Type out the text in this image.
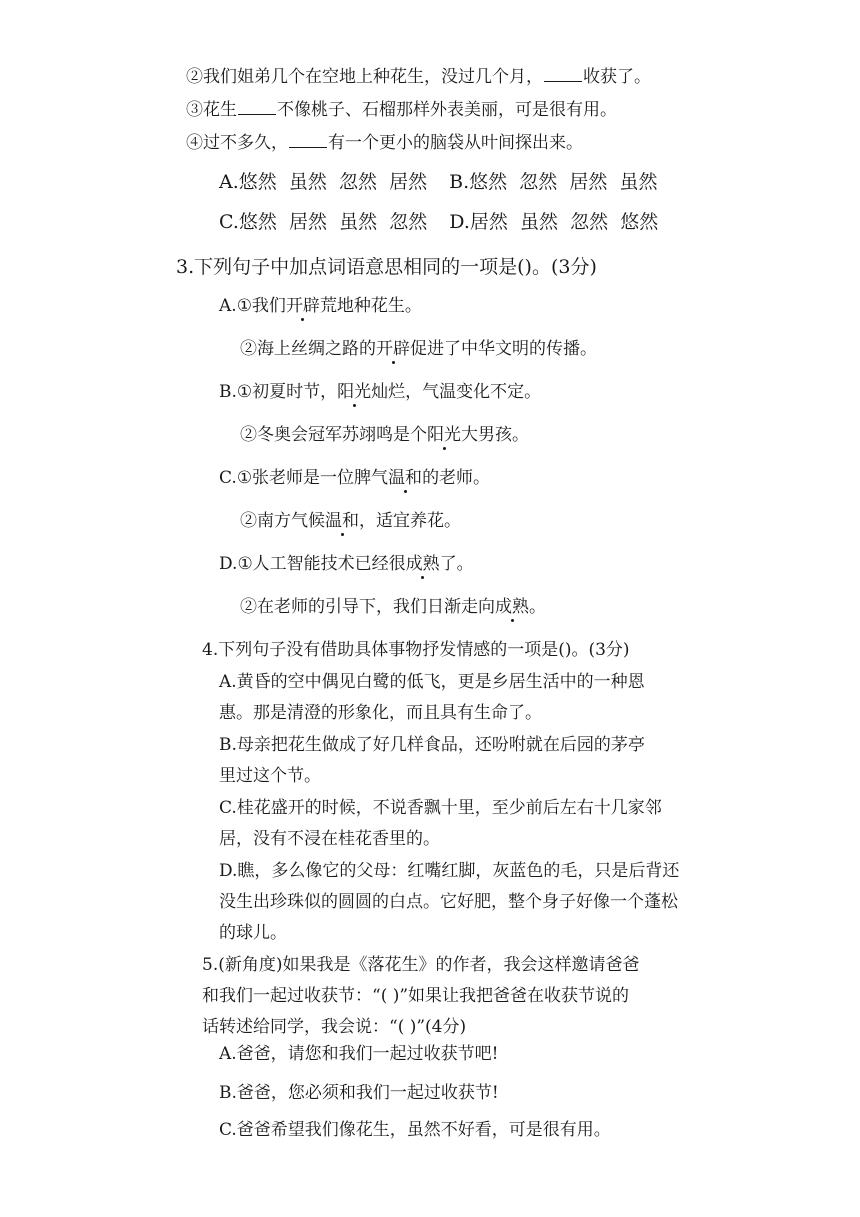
②我们姐弟几个在空地上种花生，没过几个月， 收获了。
③花生 不像桃子、石榴那样外表美丽，可是很有用。
④过不多久， 有一个更小的脑袋从叶间探出来。
A.悠然 虽然 忽然 居然 B.悠然 忽然 居然 虽然
C.悠然 居然 虽然 忽然 D.居然 虽然 忽然 悠然
3.下列句子中加点词语意思相同的一项是()。(3分)
A.①我们开辟荒地种花生。
②海上丝绸之路的开辟促进了中华文明的传播。
B.①初夏时节，阳光灿烂，气温变化不定。
②冬奥会冠军苏翊鸣是个阳光大男孩。
C.①张老师是一位脾气温和的老师。
②南方气候温和，适宜养花。
D.①人工智能技术已经很成熟了。
②在老师的引导下，我们日渐走向成熟。
4.下列句子没有借助具体事物抒发情感的一项是()。(3分)
A.黄昏的空中偶见白鹭的低飞，更是乡居生活中的一种恩
惠。那是清澄的形象化，而且具有生命了。
B.母亲把花生做成了好几样食品，还吩咐就在后园的茅亭
里过这个节。
C.桂花盛开的时候，不说香飘十里，至少前后左右十几家邻
居，没有不浸在桂花香里的。
D.瞧，多么像它的父母：红嘴红脚，灰蓝色的毛，只是后背还
没生出珍珠似的圆圆的白点。它好肥，整个身子好像一个蓬松
的球儿。
5.(新角度)如果我是《落花生》的作者，我会这样邀请爸爸
和我们一起过收获节：“( )”如果让我把爸爸在收获节说的
话转述给同学，我会说：“( )”(4分)
A.爸爸，请您和我们一起过收获节吧!
B.爸爸，您必须和我们一起过收获节!
C.爸爸希望我们像花生，虽然不好看，可是很有用。
